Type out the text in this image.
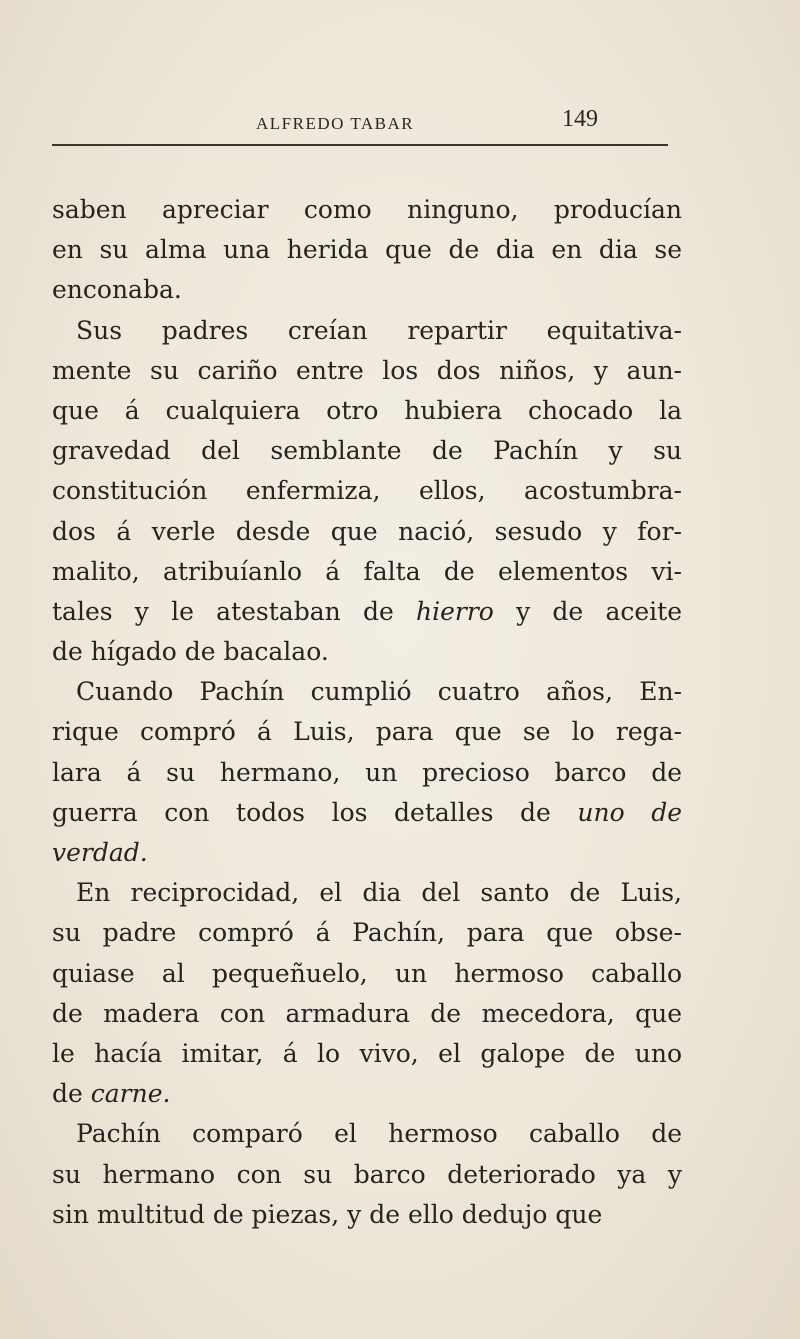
ALFREDO TABAR	149
saben apreciar como ninguno, producían
en su alma una herida que de dia en dia se
enconaba.
Sus padres creían repartir equitativa-
mente su cariño entre los dos niños, y aun-
que á cualquiera otro hubiera chocado la
gravedad del semblante de Pachín y su
constitución enfermiza, ellos, acostumbra-
dos á verle desde que nació, sesudo y for-
malito, atribuíanlo á falta de elementos vi-
tales y le atestaban de hierro y de aceite
de hígado de bacalao.
Cuando Pachín cumplió cuatro años, En-
rique compró á Luis, para que se lo rega-
lara á su hermano, un precioso barco de
guerra con todos los detalles de uno de
verdad.
En reciprocidad, el dia del santo de Luis,
su padre compró á Pachín, para que obse-
quiase al pequeñuelo, un hermoso caballo
de madera con armadura de mecedora, que
le hacía imitar, á lo vivo, el galope de uno
de carne.
Pachín comparó el hermoso caballo de
su hermano con su barco deteriorado ya y
sin multitud de piezas, y de ello dedujo que
